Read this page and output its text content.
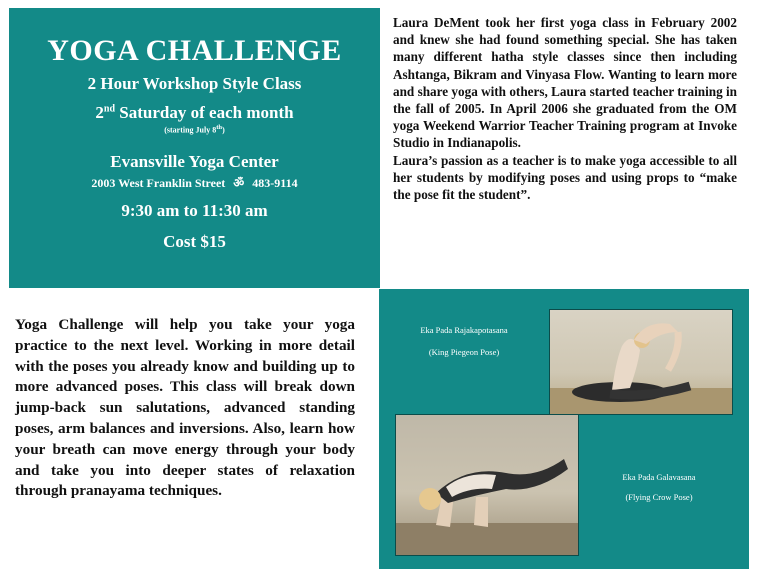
YOGA CHALLENGE
2 Hour Workshop Style Class
2nd Saturday of each month
(starting July 8th)
Evansville Yoga Center
2003 West Franklin Street ॐ 483-9114
9:30 am to 11:30 am
Cost $15

Laura DeMent took her first yoga class in February 2002 and knew she had found something special. She has taken many different hatha style classes since then including Ashtanga, Bikram and Vinyasa Flow. Wanting to learn more and share yoga with others, Laura started teacher training in the fall of 2005. In April 2006 she graduated from the OM yoga Weekend Warrior Teacher Training program at Invoke Studio in Indianapolis.

Laura’s passion as a teacher is to make yoga accessible to all her students by modifying poses and using props to “make the pose fit the student”.

Yoga Challenge will help you take your yoga practice to the next level. Working in more detail with the poses you already know and building up to more advanced poses. This class will break down jump-back sun salutations, advanced standing poses, arm balances and inversions. Also, learn how your breath can move energy through your body and take you into deeper states of relaxation through pranayama techniques.
Eka Pada Rajakapotasana
(King Piegeon Pose)
Eka Pada Galavasana
(Flying Crow Pose)
